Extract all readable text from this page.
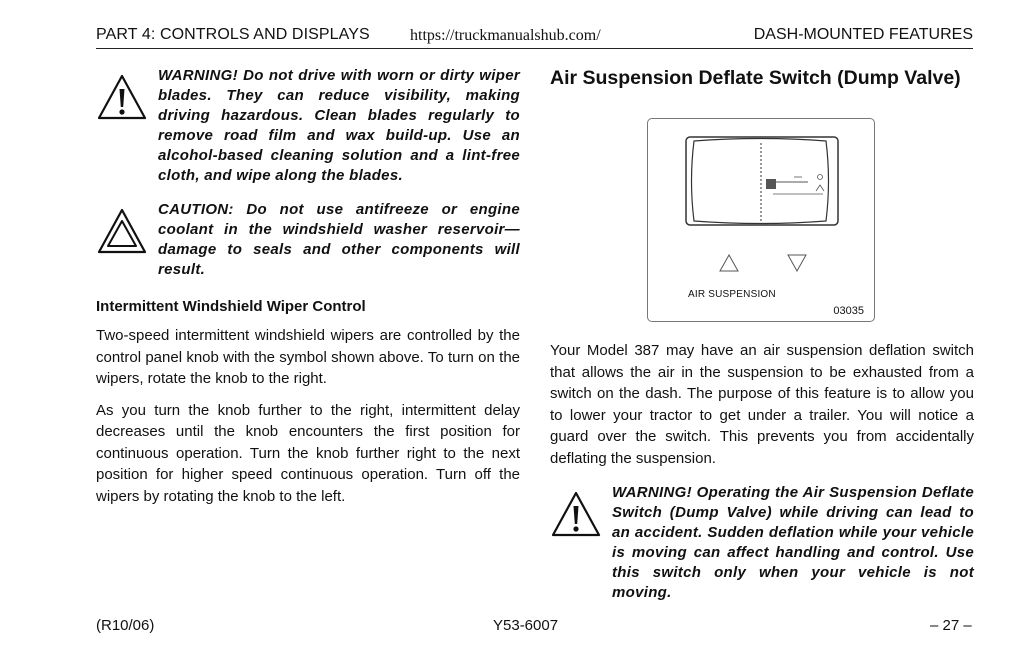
PART 4: CONTROLS AND DISPLAYS	https://truckmanualshub.com/	DASH-MOUNTED FEATURES
WARNING! Do not drive with worn or dirty wiper blades. They can reduce visibility, making driving hazardous. Clean blades regularly to remove road film and wax build-up. Use an alcohol-based cleaning solution and a lint-free cloth, and wipe along the blades.
CAUTION: Do not use antifreeze or engine coolant in the windshield washer reservoir—damage to seals and other components will result.
Intermittent Windshield Wiper Control

Two-speed intermittent windshield wipers are controlled by the control panel knob with the symbol shown above. To turn on the wipers, rotate the knob to the right.

As you turn the knob further to the right, intermittent delay decreases until the knob encounters the first position for continuous operation. Turn the knob further right to the next position for higher speed continuous operation. Turn off the wipers by rotating the knob to the left.

Air Suspension Deflate Switch (Dump Valve)
AIR SUSPENSION
03035

Your Model 387 may have an air suspension deflation switch that allows the air in the suspension to be exhausted from a switch on the dash. The purpose of this feature is to allow you to lower your tractor to get under a trailer. You will notice a guard over the switch. This prevents you from accidentally deflating the suspension.

WARNING! Operating the Air Suspension Deflate Switch (Dump Valve) while driving can lead to an accident. Sudden deflation while your vehicle is moving can affect handling and control. Use this switch only when your vehicle is not moving.
(R10/06)	Y53-6007	– 27 –
